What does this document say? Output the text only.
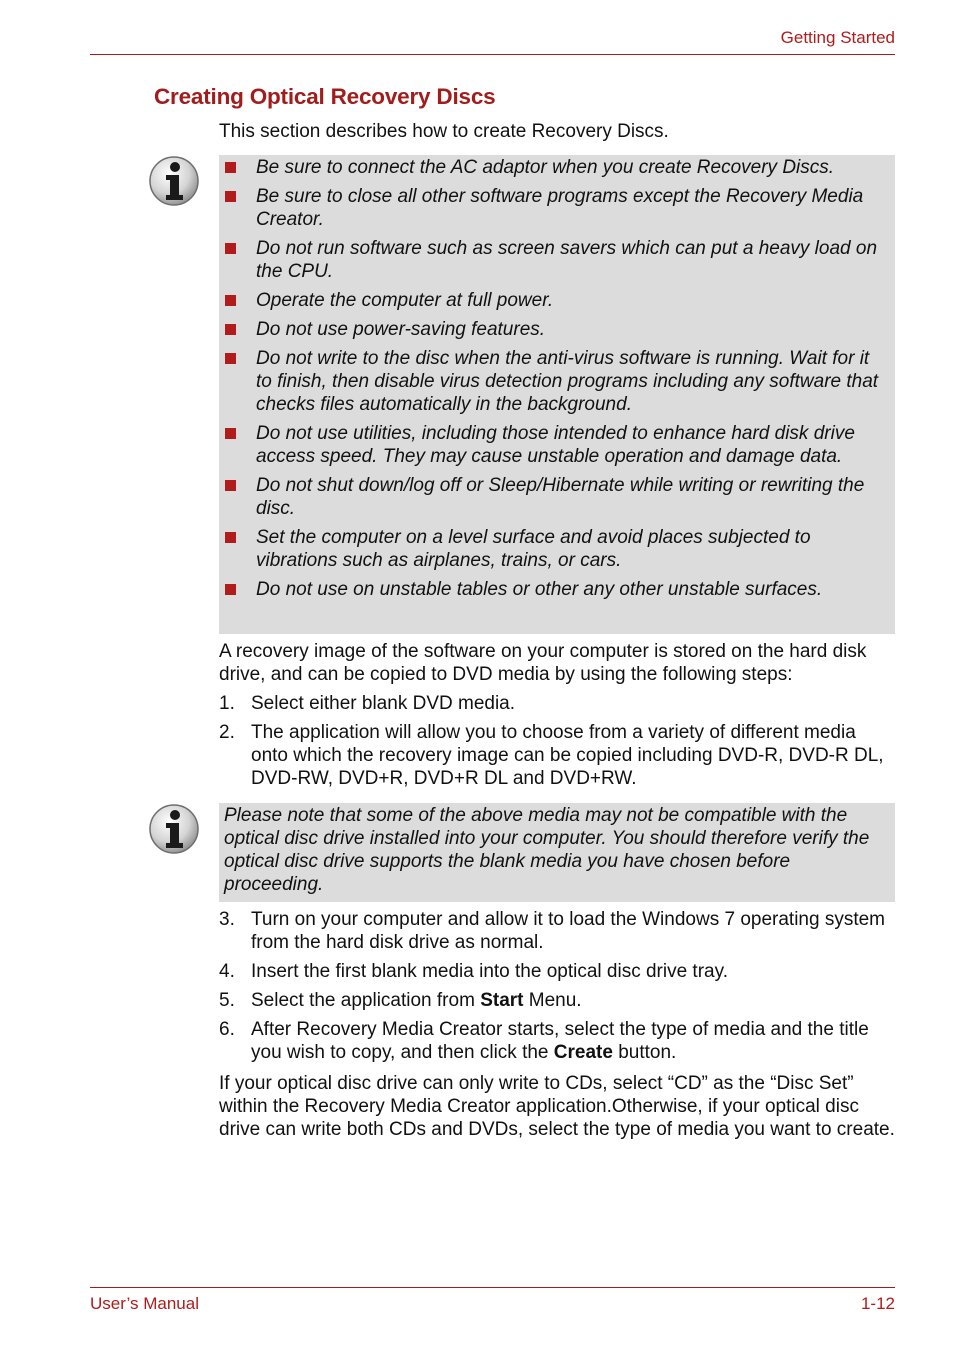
Getting Started
Creating Optical Recovery Discs
This section describes how to create Recovery Discs.
Be sure to connect the AC adaptor when you create Recovery Discs.
Be sure to close all other software programs except the Recovery Media Creator.
Do not run software such as screen savers which can put a heavy load on the CPU.
Operate the computer at full power.
Do not use power-saving features.
Do not write to the disc when the anti-virus software is running. Wait for it to finish, then disable virus detection programs including any software that checks files automatically in the background.
Do not use utilities, including those intended to enhance hard disk drive access speed. They may cause unstable operation and damage data.
Do not shut down/log off or Sleep/Hibernate while writing or rewriting the disc.
Set the computer on a level surface and avoid places subjected to vibrations such as airplanes, trains, or cars.
Do not use on unstable tables or other any other unstable surfaces.
A recovery image of the software on your computer is stored on the hard disk drive, and can be copied to DVD media by using the following steps:
1. Select either blank DVD media.
2. The application will allow you to choose from a variety of different media onto which the recovery image can be copied including DVD-R, DVD-R DL, DVD-RW, DVD+R, DVD+R DL and DVD+RW.
Please note that some of the above media may not be compatible with the optical disc drive installed into your computer. You should therefore verify the optical disc drive supports the blank media you have chosen before proceeding.
3. Turn on your computer and allow it to load the Windows 7 operating system from the hard disk drive as normal.
4. Insert the first blank media into the optical disc drive tray.
5. Select the application from Start Menu.
6. After Recovery Media Creator starts, select the type of media and the title you wish to copy, and then click the Create button.
If your optical disc drive can only write to CDs, select “CD” as the “Disc Set” within the Recovery Media Creator application.Otherwise, if your optical disc drive can write both CDs and DVDs, select the type of media you want to create.
User’s Manual	1-12
